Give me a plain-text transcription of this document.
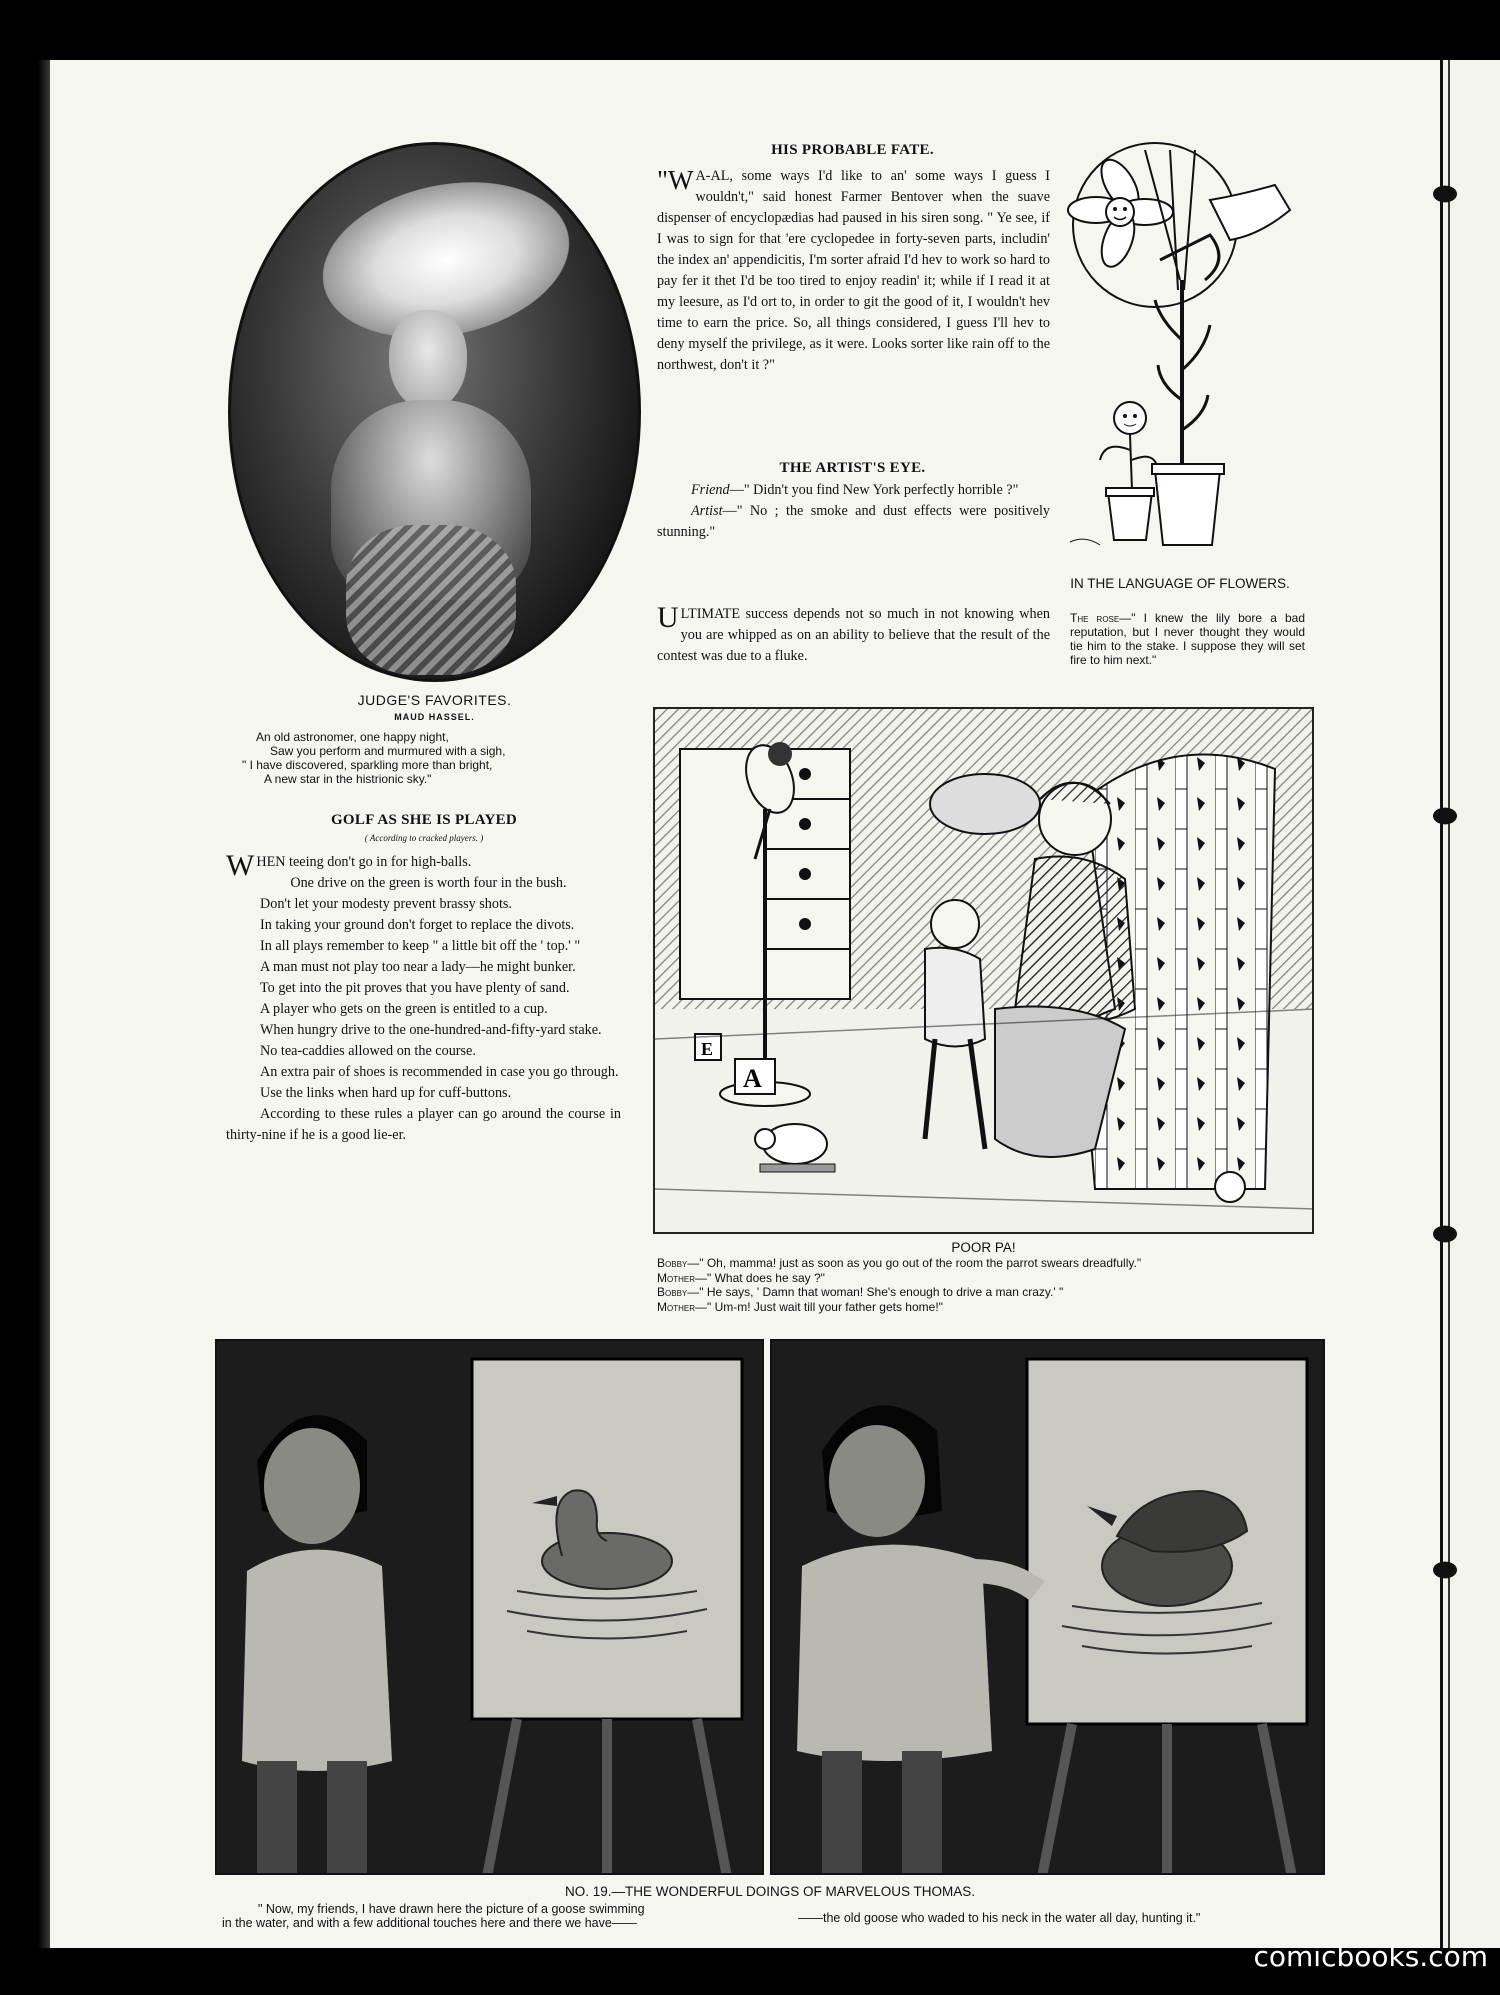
JUDGE'S FAVORITES.
MAUD HASSEL.
An old astronomer, one happy night,
Saw you perform and murmured with a sigh,
" I have discovered, sparkling more than bright,
A new star in the histrionic sky."
GOLF AS SHE IS PLAYED
( According to cracked players. )
WHEN teeing don't go in for high-balls.

One drive on the green is worth four in the bush.

Don't let your modesty prevent brassy shots.

In taking your ground don't forget to replace the divots.

In all plays remember to keep " a little bit off the ' top.' "

A man must not play too near a lady—he might bunker.

To get into the pit proves that you have plenty of sand.

A player who gets on the green is entitled to a cup.

When hungry drive to the one-hundred-and-fifty-yard stake.

No tea-caddies allowed on the course.

An extra pair of shoes is recommended in case you go through.

Use the links when hard up for cuff-buttons.

According to these rules a player can go around the course in thirty-nine if he is a good lie-er.

HIS PROBABLE FATE.
"W A-AL, some ways I'd like to an' some ways I guess I wouldn't," said honest Farmer Bentover when the suave dispenser of encyclopædias had paused in his siren song. " Ye see, if I was to sign for that 'ere cyclopedee in forty-seven parts, includin' the index an' appendicitis, I'm sorter afraid I'd hev to work so hard to pay fer it thet I'd be too tired to enjoy readin' it; while if I read it at my leesure, as I'd ort to, in order to git the good of it, I wouldn't hev time to earn the price. So, all things considered, I guess I'll hev to deny myself the privilege, as it were. Looks sorter like rain off to the northwest, don't it ?"
THE ARTIST'S EYE.

Friend—" Didn't you find New York perfectly horrible ?"

Artist—" No ; the smoke and dust effects were positively stunning."

ULTIMATE success depends not so much in not knowing when you are whipped as on an ability to believe that the result of the contest was due to a fluke.
IN THE LANGUAGE OF FLOWERS.
The rose—" I knew the lily bore a bad reputation, but I never thought they would tie him to the stake. I suppose they will set fire to him next."
A
E
POOR PA!
Bobby—" Oh, mamma! just as soon as you go out of the room the parrot swears dreadfully."
Mother—" What does he say ?"
Bobby—" He says, ' Damn that woman! She's enough to drive a man crazy.' "
Mother—" Um-m! Just wait till your father gets home!"
NO. 19.—THE WONDERFUL DOINGS OF MARVELOUS THOMAS.
" Now, my friends, I have drawn here the picture of a goose swimming
in the water, and with a few additional touches here and there we have——	——the old goose who waded to his neck in the water all day, hunting it."
comicbooks.com
